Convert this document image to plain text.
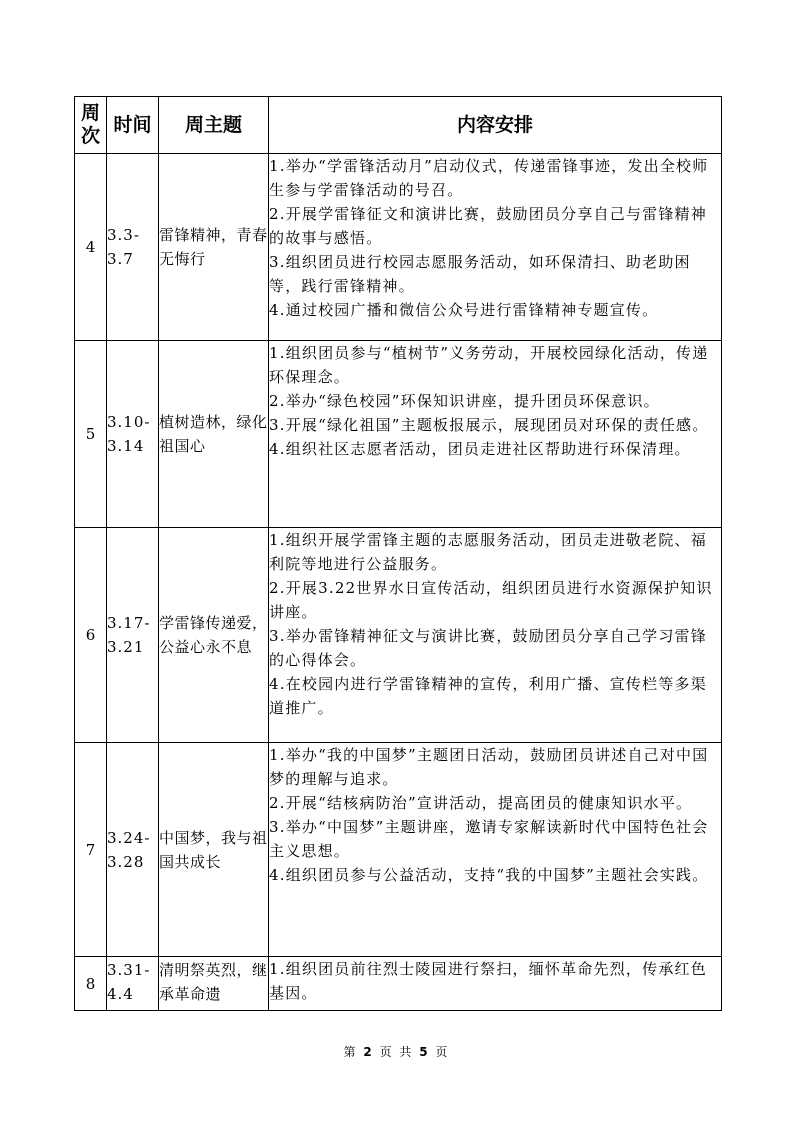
周次	时间	周主题	内容安排
4	3.3-3.7	雷锋精神，青春无悔行	1.举办“学雷锋活动月”启动仪式，传递雷锋事迹，发出全校师生参与学雷锋活动的号召。
2.开展学雷锋征文和演讲比赛，鼓励团员分享自己与雷锋精神的故事与感悟。
3.组织团员进行校园志愿服务活动，如环保清扫、助老助困等，践行雷锋精神。
4.通过校园广播和微信公众号进行雷锋精神专题宣传。

5	3.10-3.14	植树造林，绿化祖国心	1.组织团员参与“植树节”义务劳动，开展校园绿化活动，传递环保理念。
2.举办“绿色校园”环保知识讲座，提升团员环保意识。
3.开展“绿化祖国”主题板报展示，展现团员对环保的责任感。
4.组织社区志愿者活动，团员走进社区帮助进行环保清理。

6	3.17-3.21	学雷锋传递爱，公益心永不息	1.组织开展学雷锋主题的志愿服务活动，团员走进敬老院、福利院等地进行公益服务。
2.开展3.22世界水日宣传活动，组织团员进行水资源保护知识讲座。
3.举办雷锋精神征文与演讲比赛，鼓励团员分享自己学习雷锋的心得体会。
4.在校园内进行学雷锋精神的宣传，利用广播、宣传栏等多渠道推广。

7	3.24-3.28	中国梦，我与祖国共成长	1.举办“我的中国梦”主题团日活动，鼓励团员讲述自己对中国梦的理解与追求。
2.开展“结核病防治”宣讲活动，提高团员的健康知识水平。
3.举办“中国梦”主题讲座，邀请专家解读新时代中国特色社会主义思想。
4.组织团员参与公益活动，支持“我的中国梦”主题社会实践。

8	3.31-4.4	清明祭英烈，继承革命遗	1.组织团员前往烈士陵园进行祭扫，缅怀革命先烈，传承红色基因。
第 2 页 共 5 页
